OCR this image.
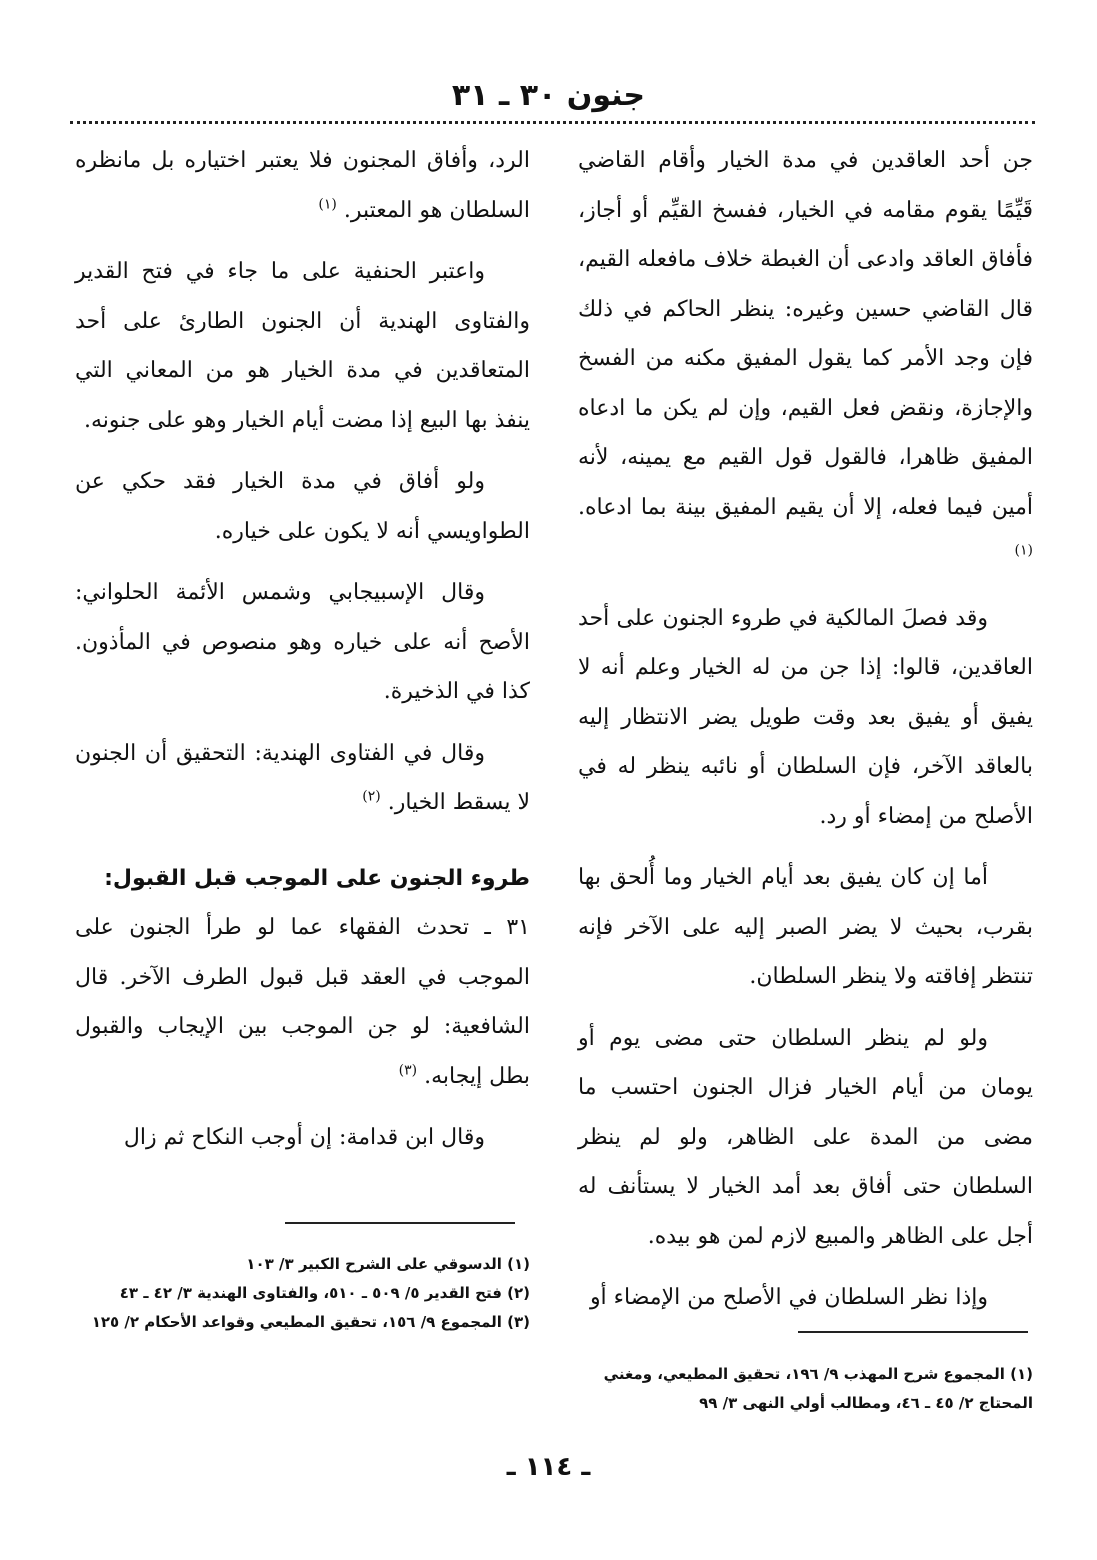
جنون ٣٠ ـ ٣١

جن أحد العاقدين في مدة الخيار وأقام القاضي قَيِّمًا يقوم مقامه في الخيار، ففسخ القيِّم أو أجاز، فأفاق العاقد وادعى أن الغبطة خلاف مافعله القيم، قال القاضي حسين وغيره: ينظر الحاكم في ذلك فإن وجد الأمر كما يقول المفيق مكنه من الفسخ والإجازة، ونقض فعل القيم، وإن لم يكن ما ادعاه المفيق ظاهرا، فالقول قول القيم مع يمينه، لأنه أمين فيما فعله، إلا أن يقيم المفيق بينة بما ادعاه. $^{(١)}$

وقد فصلَ المالكية في طروء الجنون على أحد العاقدين، قالوا: إذا جن من له الخيار وعلم أنه لا يفيق أو يفيق بعد وقت طويل يضر الانتظار إليه بالعاقد الآخر، فإن السلطان أو نائبه ينظر له في الأصلح من إمضاء أو رد.

أما إن كان يفيق بعد أيام الخيار وما أُلحق بها بقرب، بحيث لا يضر الصبر إليه على الآخر فإنه تنتظر إفاقته ولا ينظر السلطان.

ولو لم ينظر السلطان حتى مضى يوم أو يومان من أيام الخيار فزال الجنون احتسب ما مضى من المدة على الظاهر، ولو لم ينظر السلطان حتى أفاق بعد أمد الخيار لا يستأنف له أجل على الظاهر والمبيع لازم لمن هو بيده.

وإذا نظر السلطان في الأصلح من الإمضاء أو

الرد، وأفاق المجنون فلا يعتبر اختياره بل مانظره السلطان هو المعتبر. $^{(١)}$

واعتبر الحنفية على ما جاء في فتح القدير والفتاوى الهندية أن الجنون الطارئ على أحد المتعاقدين في مدة الخيار هو من المعاني التي ينفذ بها البيع إذا مضت أيام الخيار وهو على جنونه.

ولو أفاق في مدة الخيار فقد حكي عن الطواويسي أنه لا يكون على خياره.

وقال الإسبيجابي وشمس الأئمة الحلواني: الأصح أنه على خياره وهو منصوص في المأذون. كذا في الذخيرة.

وقال في الفتاوى الهندية: التحقيق أن الجنون لا يسقط الخيار. $^{(٢)}$

طروء الجنون على الموجب قبل القبول:

٣١ ـ تحدث الفقهاء عما لو طرأ الجنون على الموجب في العقد قبل قبول الطرف الآخر. قال الشافعية: لو جن الموجب بين الإيجاب والقبول بطل إيجابه. $^{(٣)}$

وقال ابن قدامة: إن أوجب النكاح ثم زال

(١) المجموع شرح المهذب ٩/ ١٩٦، تحقيق المطيعي، ومغني المحتاج ٢/ ٤٥ ـ ٤٦، ومطالب أولي النهى ٣/ ٩٩
(١) الدسوقي على الشرح الكبير ٣/ ١٠٣
(٢) فتح القدير ٥/ ٥٠٩ ـ ٥١٠، والفتاوى الهندية ٣/ ٤٢ ـ ٤٣
(٣) المجموع ٩/ ١٥٦، تحقيق المطيعي وقواعد الأحكام ٢/ ١٢٥
ـ ١١٤ ـ
